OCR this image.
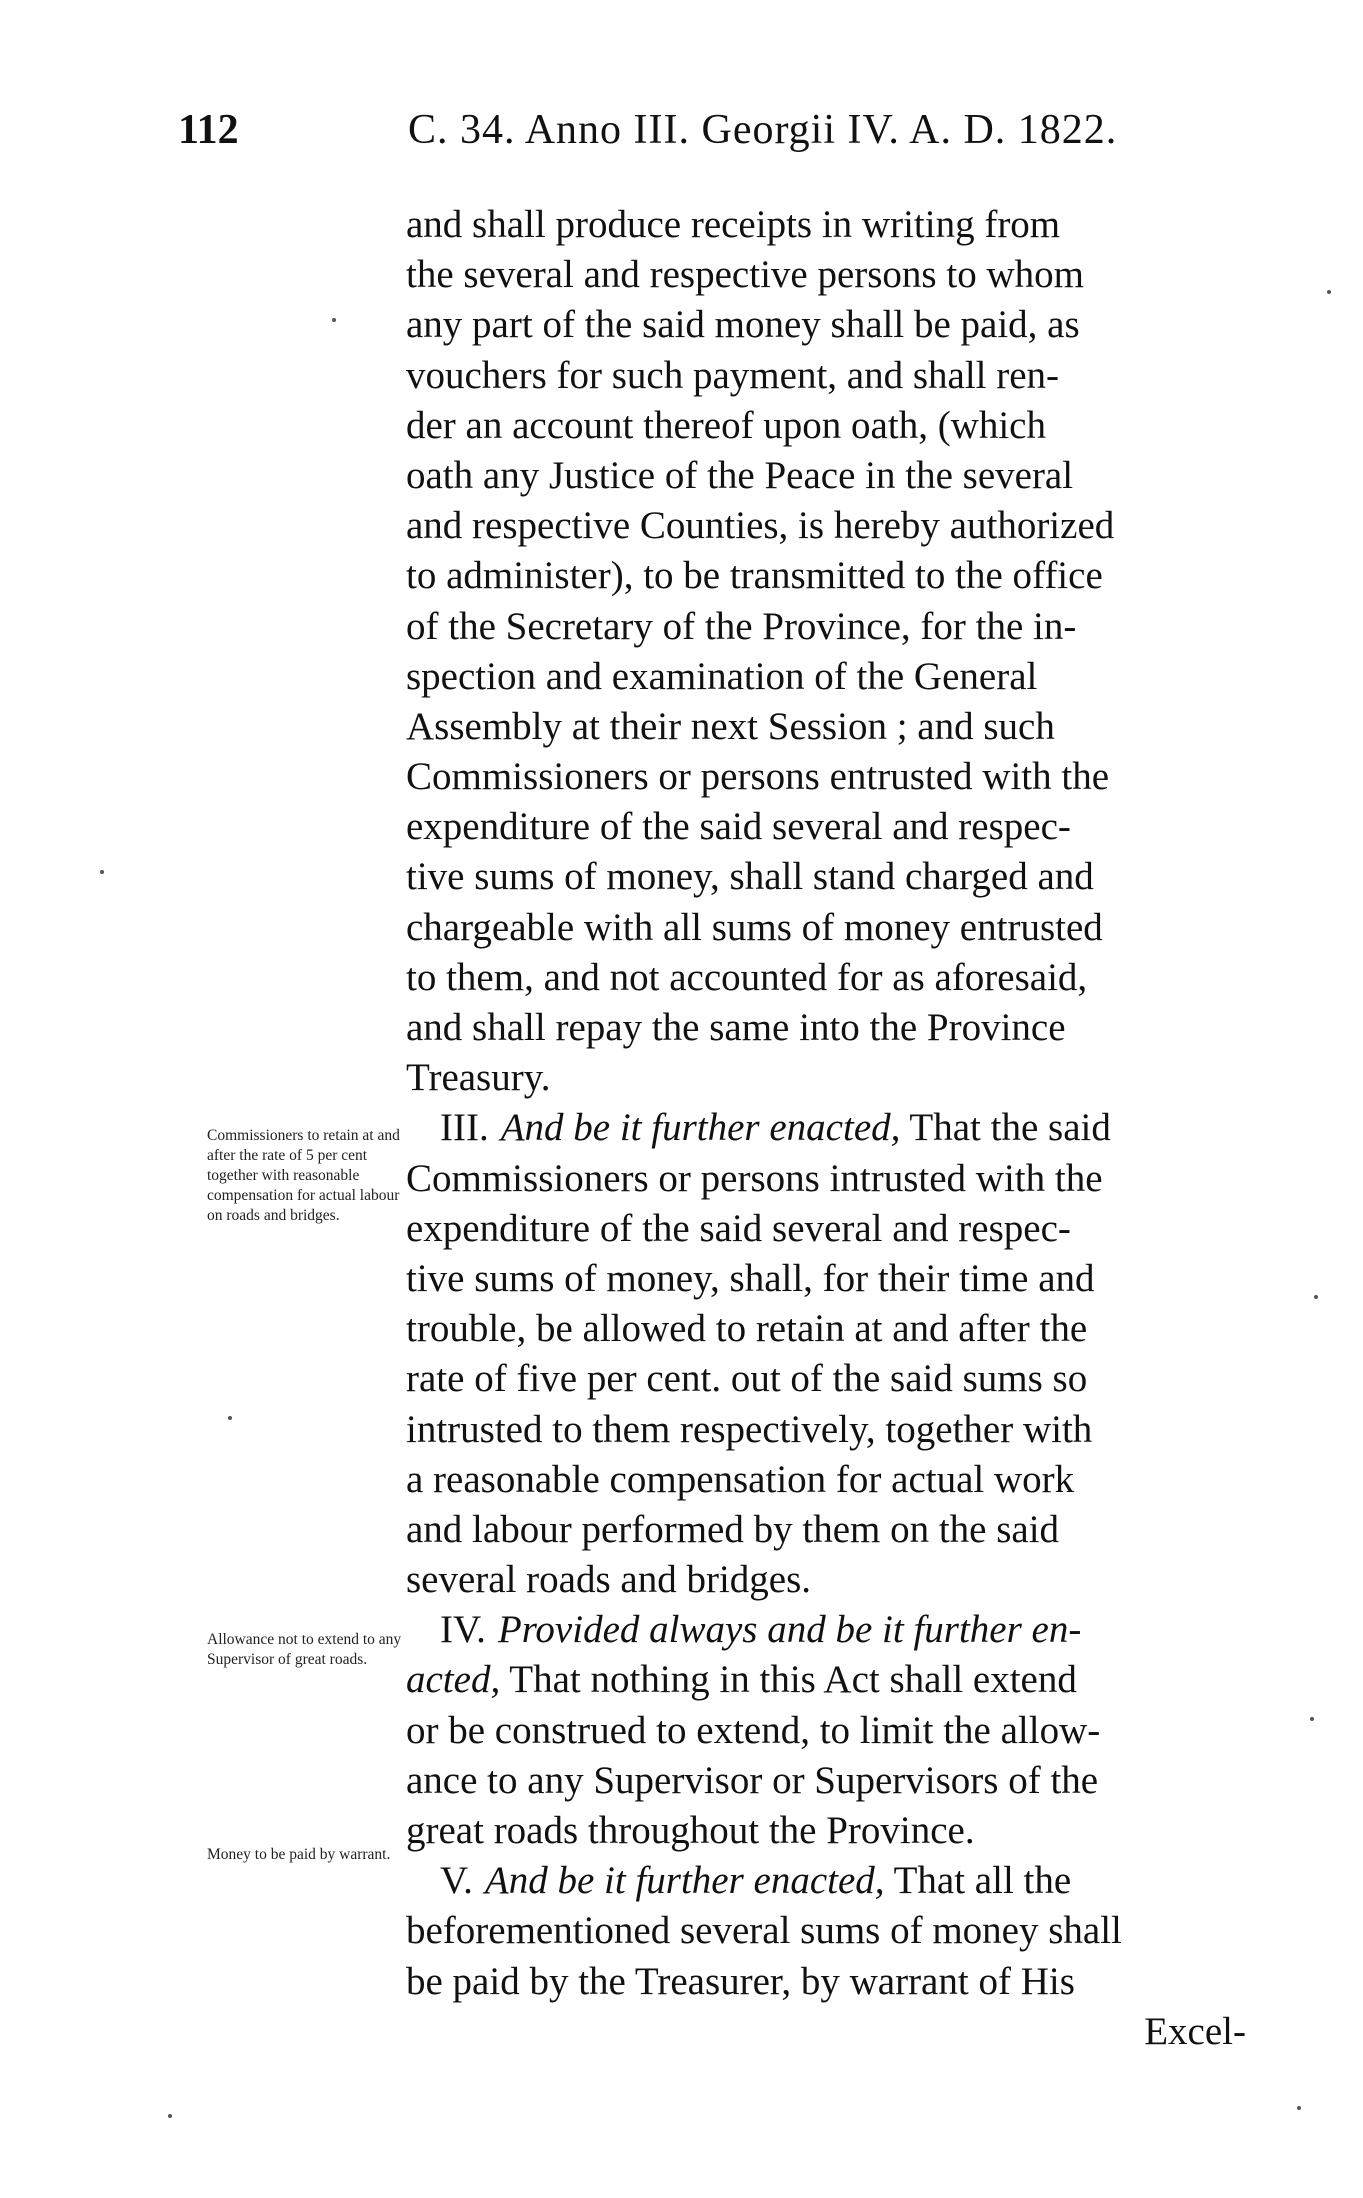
112	C. 34. Anno III. Georgii IV. A. D. 1822.
and shall produce receipts in writing from
the several and respective persons to whom
any part of the said money shall be paid, as
vouchers for such payment, and shall ren-
der an account thereof upon oath, (which
oath any Justice of the Peace in the several
and respective Counties, is hereby authorized
to administer), to be transmitted to the office
of the Secretary of the Province, for the in-
spection and examination of the General
Assembly at their next Session ; and such
Commissioners or persons entrusted with the
expenditure of the said several and respec-
tive sums of money, shall stand charged and
chargeable with all sums of money entrusted
to them, and not accounted for as aforesaid,
and shall repay the same into the Province
Treasury.
III. And be it further enacted, That the said
Commissioners or persons intrusted with the
expenditure of the said several and respec-
tive sums of money, shall, for their time and
trouble, be allowed to retain at and after the
rate of five per cent. out of the said sums so
intrusted to them respectively, together with
a reasonable compensation for actual work
and labour performed by them on the said
several roads and bridges.
IV. Provided always and be it further en-
acted, That nothing in this Act shall extend
or be construed to extend, to limit the allow-
ance to any Supervisor or Supervisors of the
great roads throughout the Province.
V. And be it further enacted, That all the
beforementioned several sums of money shall
be paid by the Treasurer, by warrant of His
Excel-
Commissioners to retain at and after the rate of 5 per cent together with reasonable compensation for actual labour on roads and bridges.
Allowance not to extend to any Supervisor of great roads.
Money to be paid by warrant.
